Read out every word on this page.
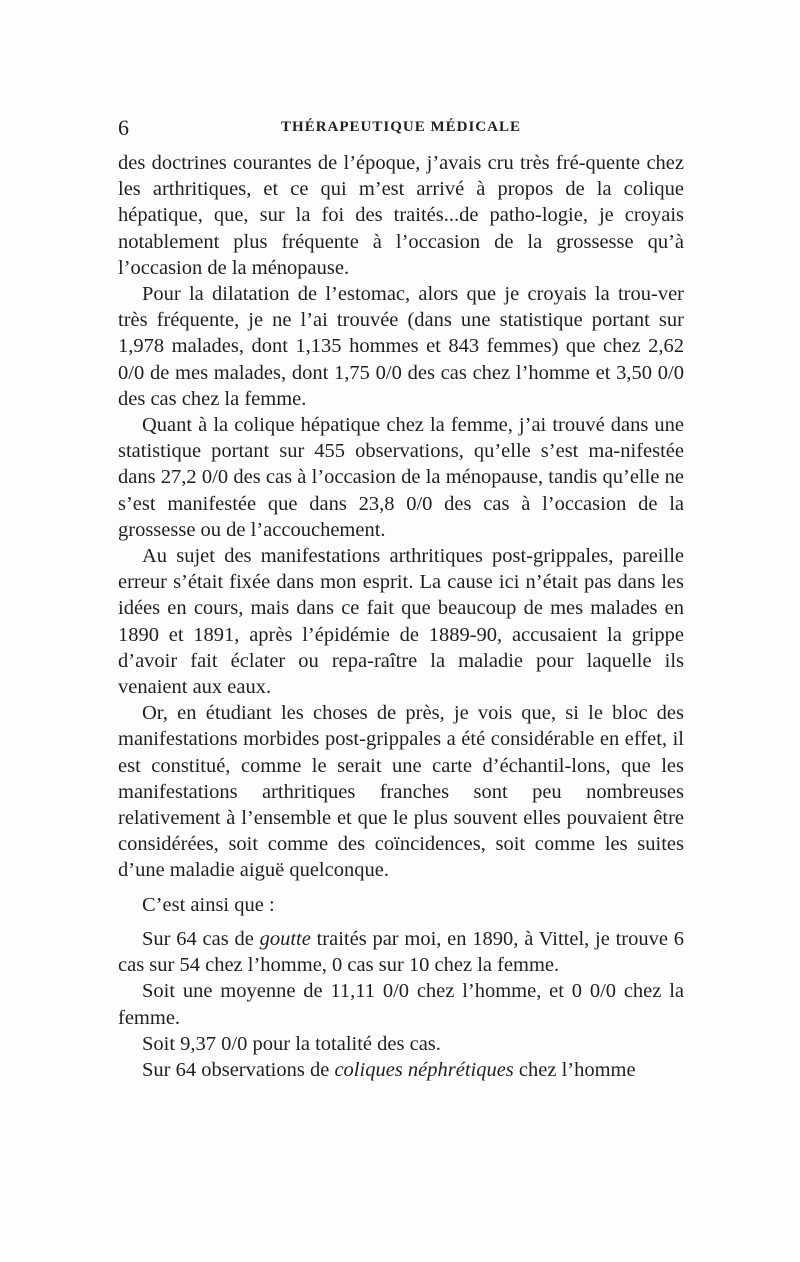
6	THÉRAPEUTIQUE MÉDICALE

des doctrines courantes de l’époque, j’avais cru très fré-quente chez les arthritiques, et ce qui m’est arrivé à propos de la colique hépatique, que, sur la foi des traités...de patho-logie, je croyais notablement plus fréquente à l’occasion de la grossesse qu’à l’occasion de la ménopause.

Pour la dilatation de l’estomac, alors que je croyais la trou-ver très fréquente, je ne l’ai trouvée (dans une statistique portant sur 1,978 malades, dont 1,135 hommes et 843 femmes) que chez 2,62 0/0 de mes malades, dont 1,75 0/0 des cas chez l’homme et 3,50 0/0 des cas chez la femme.

Quant à la colique hépatique chez la femme, j’ai trouvé dans une statistique portant sur 455 observations, qu’elle s’est ma-nifestée dans 27,2 0/0 des cas à l’occasion de la ménopause, tandis qu’elle ne s’est manifestée que dans 23,8 0/0 des cas à l’occasion de la grossesse ou de l’accouchement.

Au sujet des manifestations arthritiques post-grippales, pareille erreur s’était fixée dans mon esprit. La cause ici n’était pas dans les idées en cours, mais dans ce fait que beaucoup de mes malades en 1890 et 1891, après l’épidémie de 1889-90, accusaient la grippe d’avoir fait éclater ou repa-raître la maladie pour laquelle ils venaient aux eaux.

Or, en étudiant les choses de près, je vois que, si le bloc des manifestations morbides post-grippales a été considérable en effet, il est constitué, comme le serait une carte d’échantil-lons, que les manifestations arthritiques franches sont peu nombreuses relativement à l’ensemble et que le plus souvent elles pouvaient être considérées, soit comme des coïncidences, soit comme les suites d’une maladie aiguë quelconque.

C’est ainsi que :

Sur 64 cas de goutte traités par moi, en 1890, à Vittel, je trouve 6 cas sur 54 chez l’homme, 0 cas sur 10 chez la femme.

Soit une moyenne de 11,11 0/0 chez l’homme, et 0 0/0 chez la femme.

Soit 9,37 0/0 pour la totalité des cas.

Sur 64 observations de coliques néphrétiques chez l’homme
